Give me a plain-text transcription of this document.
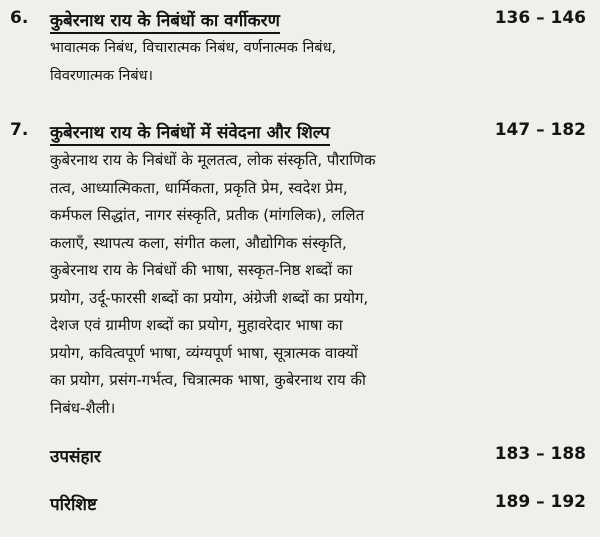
6. कुबेरनाथ राय के निबंधों का वर्गीकरण	136 – 146
भावात्मक निबंध, विचारात्मक निबंध, वर्णनात्मक निबंध,
विवरणात्मक निबंध।
7. कुबेरनाथ राय के निबंधों में संवेदना और शिल्प	147 – 182
कुबेरनाथ राय के निबंधों के मूलतत्व, लोक संस्कृति, पौराणिक
तत्व, आध्यात्मिकता, धार्मिकता, प्रकृति प्रेम, स्वदेश प्रेम,
कर्मफल सिद्धांत, नागर संस्कृति, प्रतीक (मांगलिक), ललित
कलाएँ, स्थापत्य कला, संगीत कला, औद्योगिक संस्कृति,
कुबेरनाथ राय के निबंधों की भाषा, सस्कृत-निष्ठ शब्दों का
प्रयोग, उर्दू-फारसी शब्दों का प्रयोग, अंग्रेजी शब्दों का प्रयोग,
देशज एवं ग्रामीण शब्दों का प्रयोग, मुहावरेदार भाषा का
प्रयोग, कवित्वपूर्ण भाषा, व्यंग्यपूर्ण भाषा, सूत्रात्मक वाक्यों
का प्रयोग, प्रसंग-गर्भत्व, चित्रात्मक भाषा, कुबेरनाथ राय की
निबंध-शैली।
उपसंहार	183 – 188
परिशिष्ट	189 – 192
